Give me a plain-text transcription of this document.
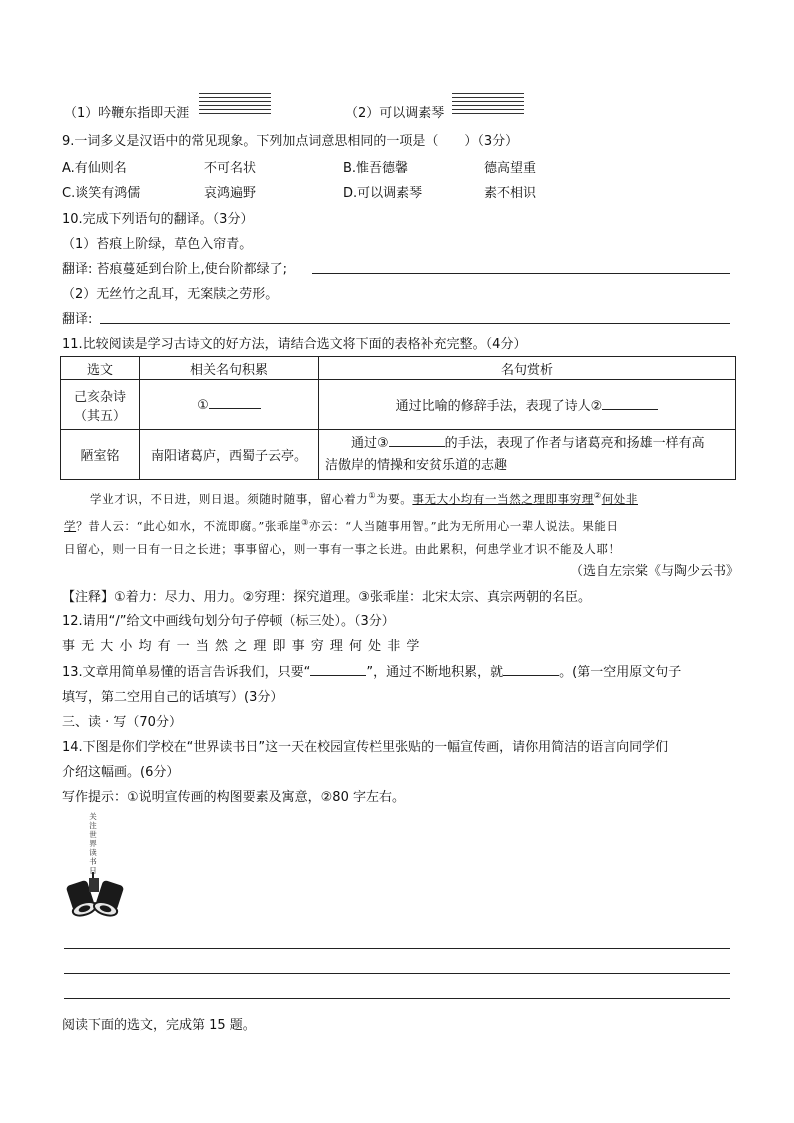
（1）吟鞭东指即天涯	（2）可以调素琴
9.一词多义是汉语中的常见现象。下列加点词意思相同的一项是（　　）（3分）
A.有仙则名	不可名状	B.惟吾德馨	德高望重
C.谈笑有鸿儒	哀鸿遍野	D.可以调素琴	素不相识
10.完成下列语句的翻译。（3分）
（1）苔痕上阶绿，草色入帘青。
翻译: 苔痕蔓延到台阶上,使台阶都绿了;
（2）无丝竹之乱耳，无案牍之劳形。
翻译:
11.比较阅读是学习古诗文的好方法，请结合选文将下面的表格补充完整。（4分）
选文	相关名句积累	名句赏析

己亥杂诗
（其五）	①	通过比喻的修辞手法，表现了诗人②
陋室铭	南阳诸葛庐，西蜀子云亭。	通过③ 的手法，表现了作者与诸葛亮和扬雄一样有高
洁傲岸的情操和安贫乐道的志趣
学业才识，不日进，则日退。须随时随事，留心着力①为要。事无大小均有一当然之理即事穷理②何处非

学？昔人云：“此心如水，不流即腐。”张乖崖③亦云：“人当随事用智。”此为无所用心一辈人说法。果能日
日留心，则一日有一日之长进；事事留心，则一事有一事之长进。由此累积，何患学业才识不能及人耶！
（选自左宗棠《与陶少云书》
【注释】①着力：尽力、用力。②穷理：探究道理。③张乖崖：北宋太宗、真宗两朝的名臣。
12.请用“/”给文中画线句划分句子停顿（标三处）。（3分）
事 无 大 小 均 有 一 当 然 之 理 即 事 穷 理 何 处 非 学
13.文章用简单易懂的语言告诉我们，只要“	”，通过不断地积累，就	。(第一空用原文句子
填写，第二空用自己的话填写）(3分）
三、读 · 写（70分）
14.下图是你们学校在“世界读书日”这一天在校园宣传栏里张贴的一幅宣传画，请你用简洁的语言向同学们
介绍这幅画。(6分）
写作提示：①说明宣传画的构图要素及寓意，②80 字左右。
关
注
世
界
读
书
日
阅读下面的选文，完成第 15 题。
